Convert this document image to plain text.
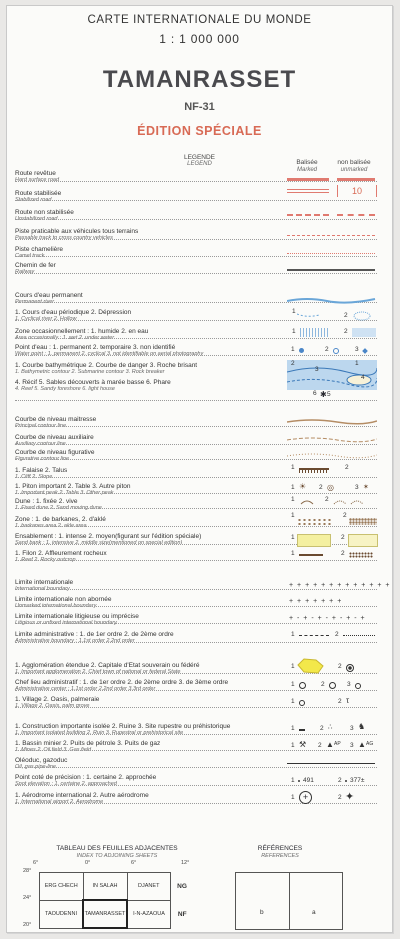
CARTE INTERNATIONALE DU MONDE
1 : 1 000 000
TAMANRASSET
NF-31
ÉDITION SPÉCIALE
LEGENDE
LEGEND	Balisée
Marked
non balisée
unmarked
Route revêtue
Hard surface road
Route stabilisée
Stabilized road
10
Route non stabilisée
Unstabilized road
Piste praticable aux véhicules tous terrains
Passable track to cross country vehicles
Piste chamelière
Camel track
Chemin de fer
Railway
Cours d'eau permanent
Permanent river
1. Cours d'eau périodique 2. Dépression
1. Cyclical river 2. Hollow
1
2
Zone occasionnellement : 1. humide 2. en eau
Area occasionally : 1. wet 2. under water
1	2
Point d'eau : 1. permanent 2. temporaire 3. non identifié
Water point : 1. permanent 2. cyclical 3. not identifiable on aerial photography
1	2	3
1. Courbe bathymétrique 2. Courbe de danger 3. Roche brisant
1. Bathymetric contour 2. Submarine contour 3. Rock breaker
4. Récif 5. Sables découverts à marée basse 6. Phare
4. Reef 5. Sandy foreshore 6. light house
2
3
1
4
6 ✱ 5
Courbe de niveau maitresse
Principal contour line
Courbe de niveau auxiliaire
Auxiliary contour line
Courbe de niveau figurative
Figurative contour line
1. Falaise 2. Talus
1. Cliff 2. Slope
1	2
1. Piton important 2. Table 3. Autre piton
1. Important peak 2. Table 3. Other peak
1 ☀ 2 ◎	3 ✶
Dune : 1. fixée 2. vive
1. Fixed dune 2. Sand moving dune
1	2
Zone : 1. de barkanes, 2. d'aklé
1. barkanes area 2. akle area
1	2
Ensablement : 1. intense 2. moyen(figurant sur l'édition spéciale)
Sand bank : 1. intensive 2. middle size(mentioned on special edition)
1	2
1. Filon 2. Affleurement rocheux
1. Reef 2. Rocky outcrop
1	2
Limite internationale
International boundary
+ + + + + + + + + + + + +
Limite internationale non abornée
Unmarked international boundary
+ + + + + + +
Limite internationale litigieuse ou imprécise
Litigious or unfixed international boundary
+ - + - + - + - + - +
Limite administrative : 1. de 1er ordre 2. de 2ème ordre
Administrative boundary : 1.1st order 2.2nd order
1	2
1. Agglomération étendue 2. Capitale d'Etat souverain ou fédéré
1. Important agglomeration 2. Chief town of national or federal State
1	2
Chef lieu administratif : 1. de 1er ordre 2. de 2ème ordre 3. de 3ème ordre
Administrative center : 1.1st order 2.2nd order 3.3rd order
1	2	3
1. Village 2. Oasis, palmeraie
1. Village 2. Oasis, palm grove
1	2 τ
1. Construction importante isolée 2. Ruine 3. Site rupestre ou préhistorique
1. Important isolated building 2. Ruin 3. Rupestral or prehistorical site
1	2 ∴	3 ♞
1. Bassin minier 2. Puits de pétrole 3. Puits de gaz
1. Mines 2. Oil field 3. Gas field
1 ⚒ 2 ▲ AP 3 ▲ AG
Oléoduc, gazoduc
Oil, gas pipe-line
Point coté de précision : 1. certaine 2. approchée
Spot elevation : 1. certaine 2. approached
1 491	2 377±
1. Aérodrome international 2. Autre aérodrome
1. International airport 2. Aerodrome
1 +	2 ✦
TABLEAU DES FEUILLES ADJACENTES
INDEX TO ADJOINING SHEETS
6°	0°	6°	12°
28°
24°
20°
ERG CHECH	IN SALAH	DJANET	NG
TAOUDENNI	TAMANRASSET	I-N-AZAOUA	NF
RÉFÉRENCES
REFERENCES
b	a
